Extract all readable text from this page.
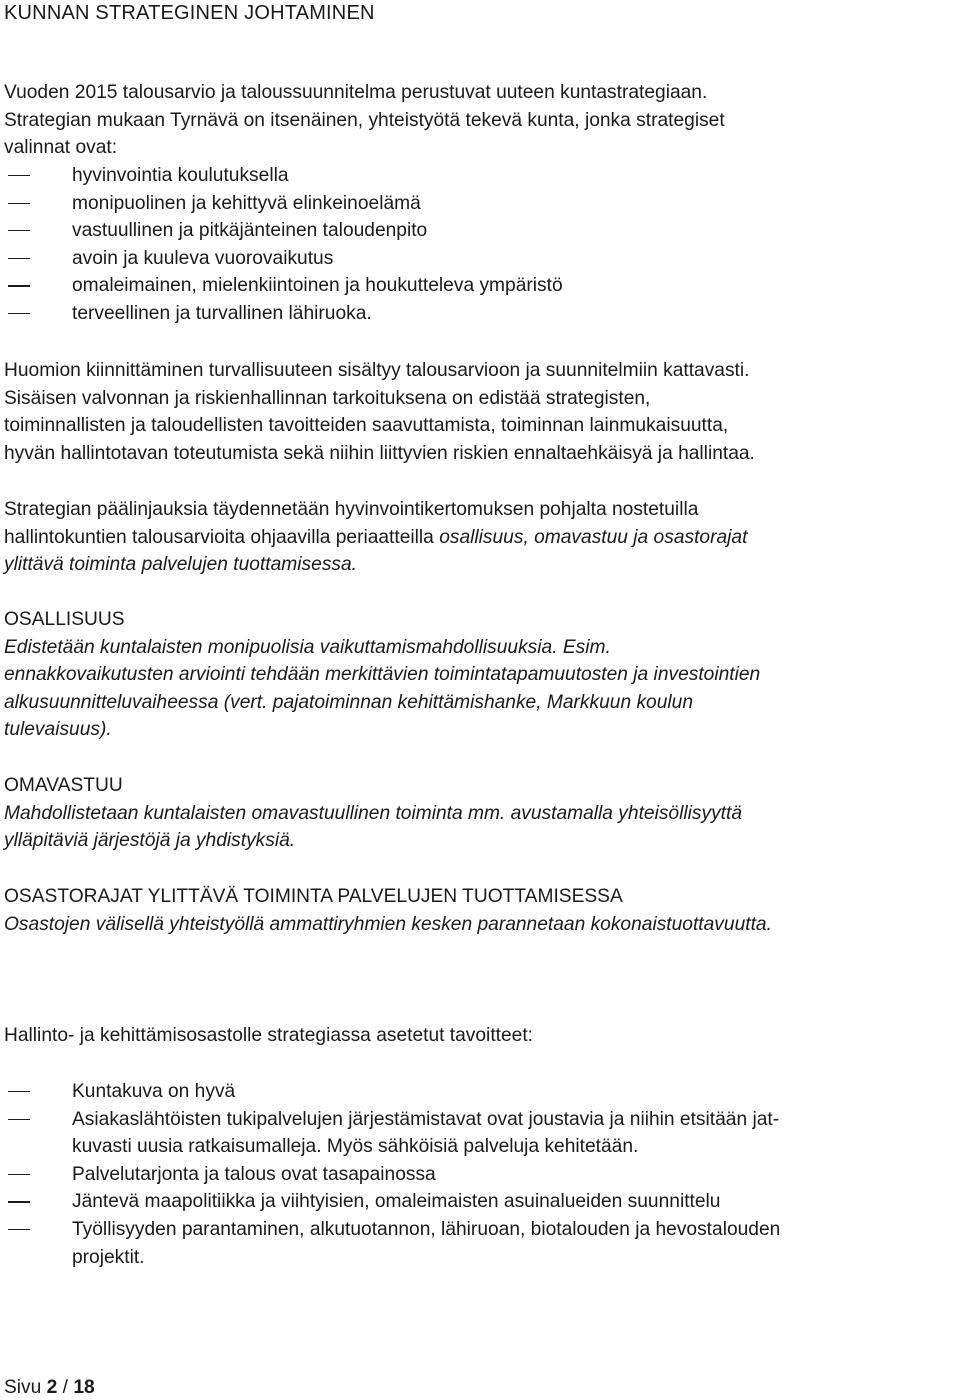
KUNNAN STRATEGINEN JOHTAMINEN
Vuoden 2015 talousarvio ja taloussuunnitelma perustuvat uuteen kuntastrategiaan.
Strategian mukaan Tyrnävä on itsenäinen, yhteistyötä tekevä kunta, jonka strategiset
valinnat ovat:
hyvinvointia koulutuksella
monipuolinen ja kehittyvä elinkeinoelämä
vastuullinen ja pitkäjänteinen taloudenpito
avoin ja kuuleva vuorovaikutus
omaleimainen, mielenkiintoinen ja houkutteleva ympäristö
terveellinen ja turvallinen lähiruoka.
Huomion kiinnittäminen turvallisuuteen sisältyy talousarvioon ja suunnitelmiin kattavasti.
Sisäisen valvonnan ja riskienhallinnan tarkoituksena on edistää strategisten,
toiminnallisten ja taloudellisten tavoitteiden saavuttamista, toiminnan lainmukaisuutta,
hyvän hallintotavan toteutumista sekä niihin liittyvien riskien ennaltaehkäisyä ja hallintaa.
Strategian päälinjauksia täydennetään hyvinvointikertomuksen pohjalta nostetuilla
hallintokuntien talousarvioita ohjaavilla periaatteilla osallisuus, omavastuu ja osastorajat
ylittävä toiminta palvelujen tuottamisessa.
OSALLISUUS
Edistetään kuntalaisten monipuolisia vaikuttamismahdollisuuksia. Esim.
ennakkovaikutusten arviointi tehdään merkittävien toimintatapamuutosten ja investointien
alkusuunnitteluvaiheessa (vert. pajatoiminnan kehittämishanke, Markkuun koulun
tulevaisuus).
OMAVASTUU
Mahdollistetaan kuntalaisten omavastuullinen toiminta mm. avustamalla yhteisöllisyyttä
ylläpitäviä järjestöjä ja yhdistyksiä.
OSASTORAJAT YLITTÄVÄ TOIMINTA PALVELUJEN TUOTTAMISESSA
Osastojen välisellä yhteistyöllä ammattiryhmien kesken parannetaan kokonaistuottavuutta.
Hallinto- ja kehittämisosastolle strategiassa asetetut tavoitteet:
Kuntakuva on hyvä
Asiakaslähtöisten tukipalvelujen järjestämistavat ovat joustavia ja niihin etsitään jat-
kuvasti uusia ratkaisumalleja. Myös sähköisiä palveluja kehitetään.
Palvelutarjonta ja talous ovat tasapainossa
Jäntevä maapolitiikka ja viihtyisien, omaleimaisten asuinalueiden suunnittelu
Työllisyyden parantaminen, alkutuotannon, lähiruoan, biotalouden ja hevostalouden
projektit.
Sivu 2 / 18
